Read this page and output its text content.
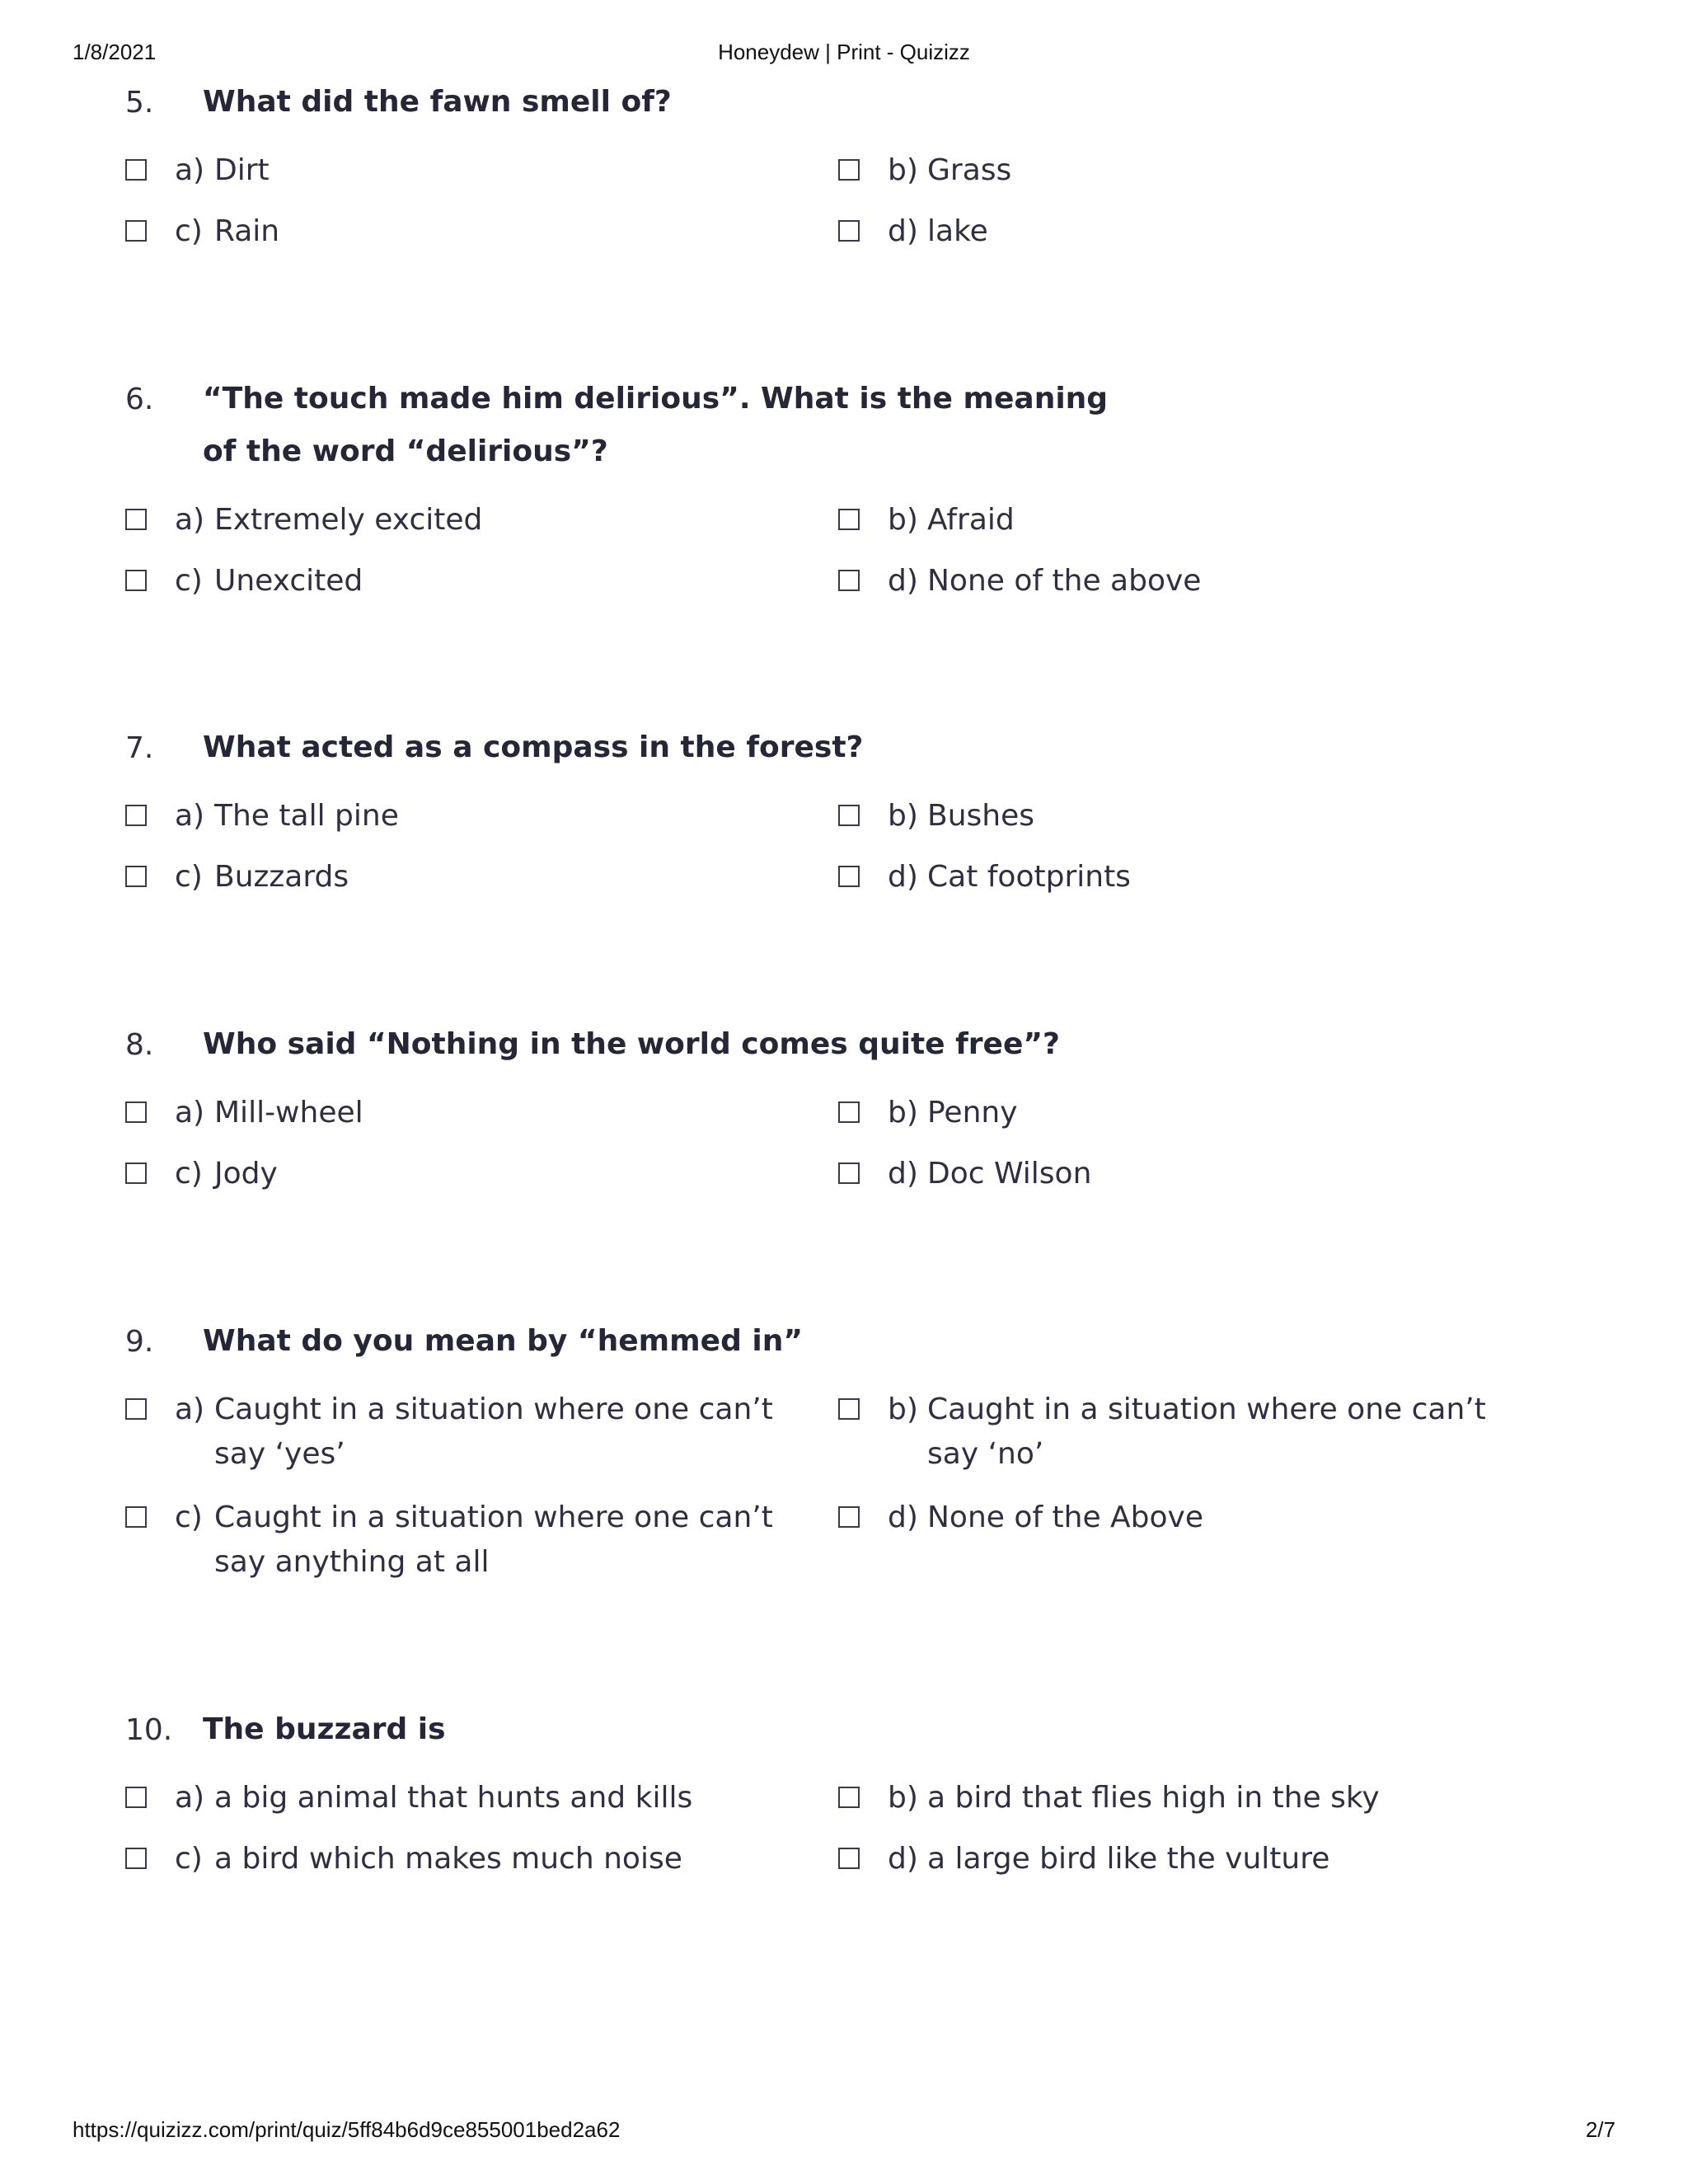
1/8/2021	Honeydew | Print - Quizizz
5. What did the fawn smell of?
a) Dirt	b) Grass
c) Rain	d) lake
6. “The touch made him delirious”. What is the meaning of the word “delirious”?
a) Extremely excited	b) Afraid
c) Unexcited	d) None of the above
7. What acted as a compass in the forest?
a) The tall pine	b) Bushes
c) Buzzards	d) Cat footprints
8. Who said “Nothing in the world comes quite free”?
a) Mill-wheel	b) Penny
c) Jody	d) Doc Wilson
9. What do you mean by “hemmed in”
a) Caught in a situation where one can’t say ‘yes’
b) Caught in a situation where one can’t say ‘no’
c) Caught in a situation where one can’t say anything at all
d) None of the Above
10. The buzzard is
a) a big animal that hunts and kills	b) a bird that flies high in the sky
c) a bird which makes much noise	d) a large bird like the vulture
https://quizizz.com/print/quiz/5ff84b6d9ce855001bed2a62	2/7
